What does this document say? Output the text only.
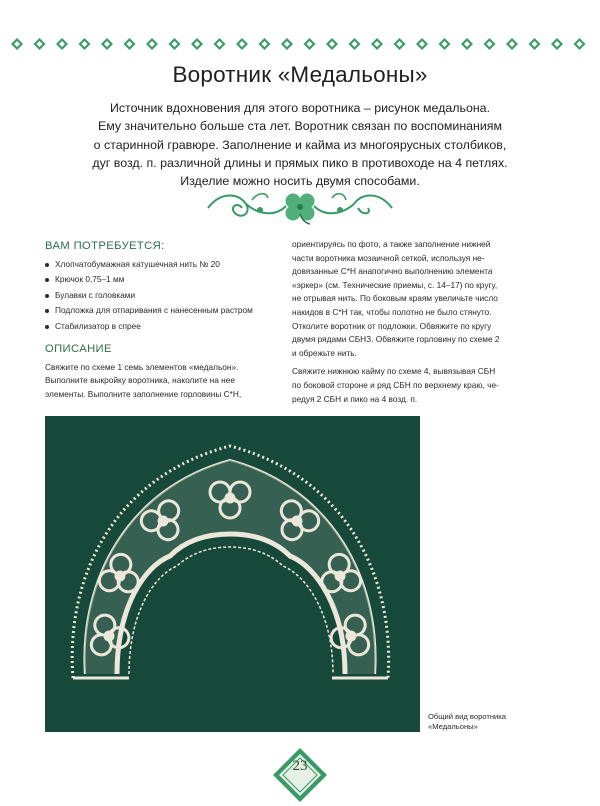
Воротник «Медальоны»
Источник вдохновения для этого воротника – рисунок медальона.
Ему значительно больше ста лет. Воротник связан по воспоминаниям
о старинной гравюре. Заполнение и кайма из многоярусных столбиков,
дуг возд. п. различной длины и прямых пико в противоходе на 4 петлях.
Изделие можно носить двумя способами.
ВАМ ПОТРЕБУЕТСЯ:
Хлопчатобумажная катушечная нить № 20
Крючок 0,75–1 мм
Булавки с головками
Подложка для отпаривания с нанесенным растром
Стабилизатор в спрее
ОПИСАНИЕ
Свяжите по схеме 1 семь элементов «медальон».
Выполните выкройку воротника, наколите на нее
элементы. Выполните заполнение горловины С*Н,
ориентируясь по фото, а также заполнение нижней
части воротника мозаичной сеткой, используя не-
довязанные С*Н анапогично выполнению элемента
«эркер» (см. Технические приемы, с. 14–17) по кругу,
не отрывая нить. По боковым краям увеличьте число
накидов в С*Н так, чтобы полотно не было стянуто.
Отколите воротник от подложки. Обвяжите по кругу
двумя рядами СБНЗ. Обвяжите горловину по схеме 2
и обрежьте нить.
Свяжите нижнюю кайму по схеме 4, вывязывая СБН
по боковой стороне и ряд СБН по верхнему краю, че-
редуя 2 СБН и пико на 4 возд. п.
Общий вид воротника
«Медальоны»
23
